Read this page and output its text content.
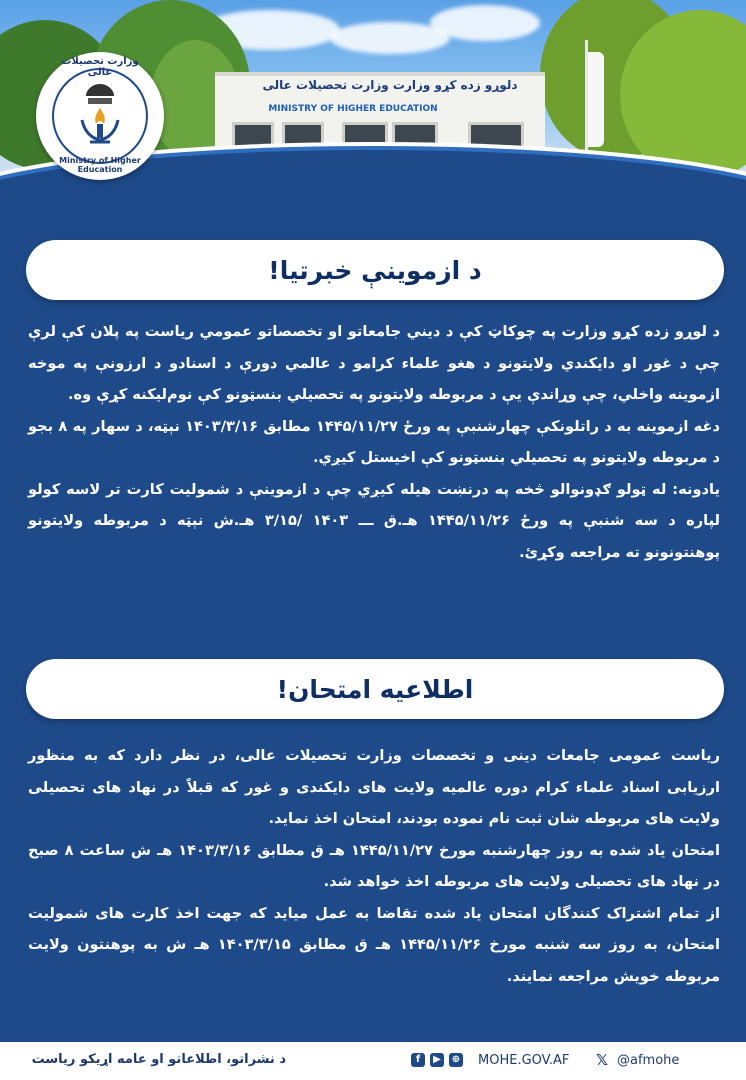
دلوړو زده کړو وزارت وزارت تحصیلات عالی
MINISTRY OF HIGHER EDUCATION
وزارت تحصیلات عالی
Ministry of Higher Education
د ازموينې خبرتيا!

د لوړو زده کړو وزارت په چوکاټ کې د ديني جامعاتو او تخصصاتو عمومي رياست په پلان کې لرې چې د غور او دايکندي ولايتونو د هغو علماء کرامو د عالمي دورې د اسنادو د ارزونې په موخه ازموينه واخلي، چې وړاندې يې د مربوطه ولايتونو په تحصيلي بنسټونو کې نوم‌ليکنه کړې وه.

دغه ازموينه به د راتلونکې چهارشنبې په ورځ ۱۴۴۵/۱۱/۲۷ مطابق ۱۴۰۳/۳/۱۶ نېټه، د سهار په ۸ بجو د مربوطه ولايتونو په تحصيلي بنسټونو کې اخيستل کيږي.

يادونه: له ټولو ګډونوالو څخه په درنښت هيله کيږي چې د ازموينې د شموليت کارت تر لاسه کولو لپاره د سه شنبې په ورځ ۱۴۴۵/۱۱/۲۶ هـ.ق ـــ ۱۴۰۳ /۳/۱۵ هـ.ش نېټه د مربوطه ولايتونو پوهنتونونو ته مراجعه وکړئ.

اطلاعیه امتحان!

ریاست عمومی جامعات دینی و تخصصات وزارت تحصیلات عالی، در نظر دارد که به منظور ارزیابی اسناد علماء کرام دوره عالمیه ولایت های دایکندی و غور که قبلاً در نهاد های تحصیلی ولایت های مربوطه شان ثبت نام نموده بودند، امتحان اخذ نماید.

امتحان یاد شده به روز چهارشنبه مورخ ۱۴۴۵/۱۱/۲۷ هـ ق مطابق ۱۴۰۳/۳/۱۶ هـ ش ساعت ۸ صبح در نهاد های تحصیلی ولایت های مربوطه اخذ خواهد شد.

از تمام اشتراک کنندگان امتحان یاد شده تقاضا به عمل میاید که جهت اخذ کارت های شمولیت امتحان، به روز سه شنبه مورخ ۱۴۴۵/۱۱/۲۶ هـ ق مطابق ۱۴۰۳/۳/۱۵ هـ ش به پوهنتون ولایت مربوطه خویش مراجعه نمایند.

د نشراتو، اطلاعاتو او عامه اړيکو رياست	f	▶	⊕ MOHE.GOV.AF 𝕏 @afmohe
